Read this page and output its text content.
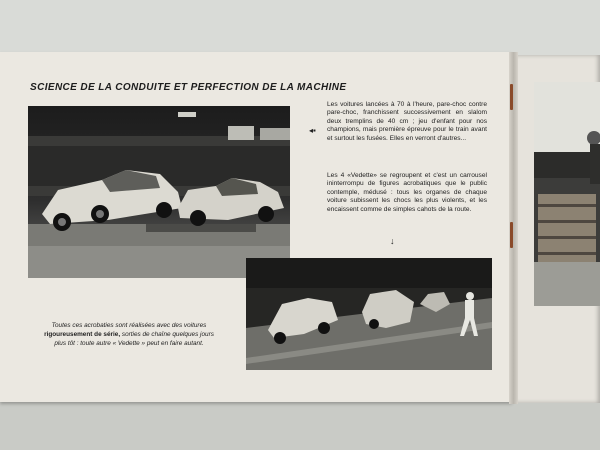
SCIENCE DE LA CONDUITE ET PERFECTION DE LA MACHINE
◂▪

Les voitures lancées à 70 à l'heure, pare-choc contre pare-choc, franchissent successivement en slalom deux tremplins de 40 cm ; jeu d'enfant pour nos champions, mais première épreuve pour le train avant et surtout les fusées. Elles en verront d'autres...

Les 4 «Vedette» se regroupent et c'est un carrousel ininterrompu de figures acrobatiques que le public contemple, médusé : tous les organes de chaque voiture subissent les chocs les plus violents, et les encaissent comme de simples cahots de la route.

↓

Toutes ces acrobaties sont réalisées avec des voitures rigoureusement de série, sorties de chaîne quelques jours plus tôt : toute autre « Vedette » peut en faire autant.
